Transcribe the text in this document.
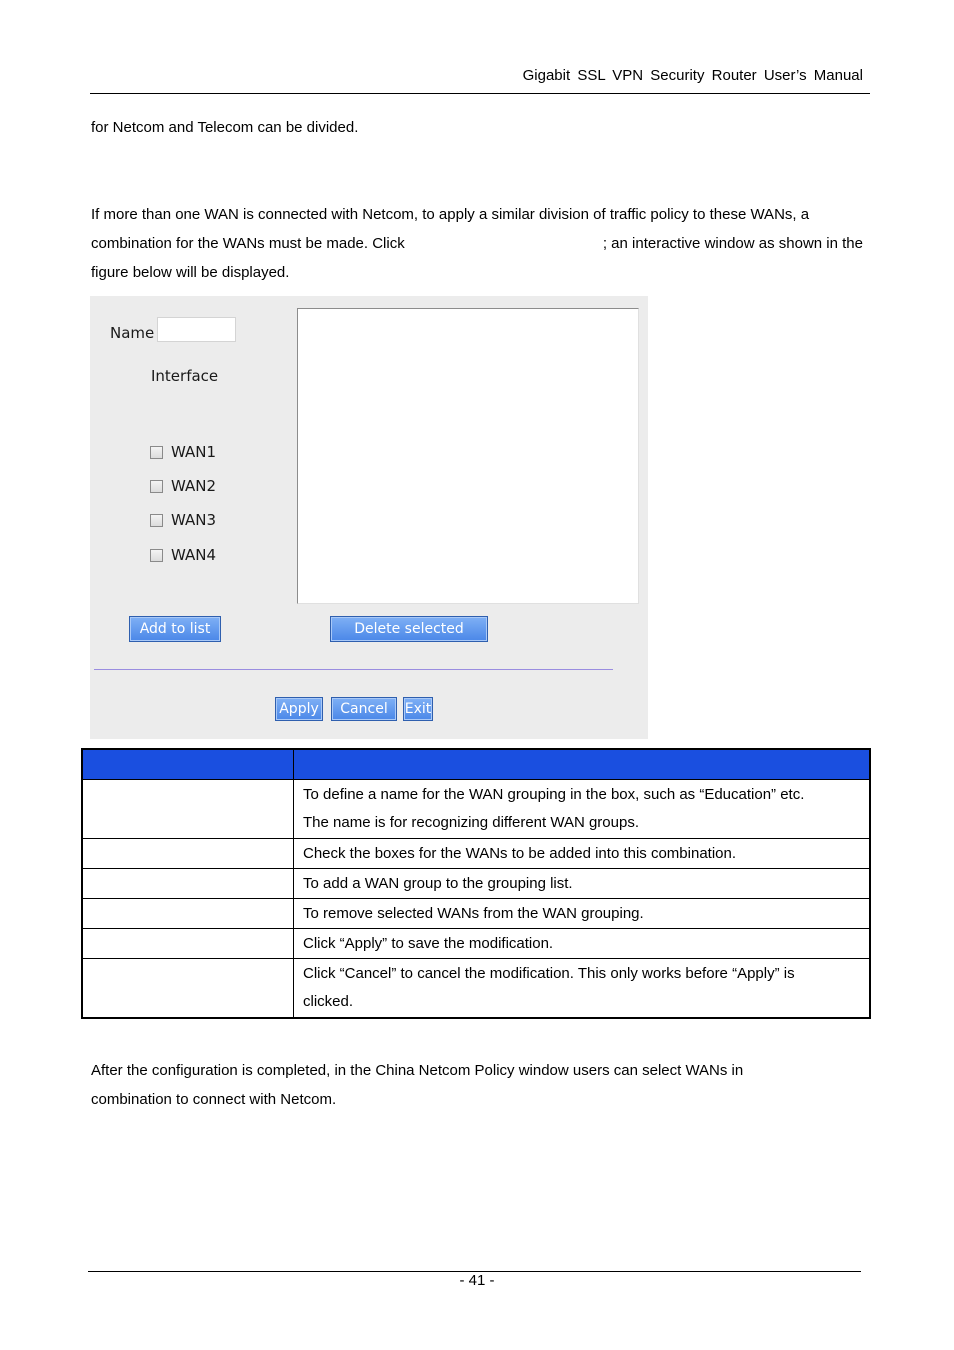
Gigabit SSL VPN Security Router User’s Manual
for Netcom and Telecom can be divided.
If more than one WAN is connected with Netcom, to apply a similar division of traffic policy to these WANs, a
combination for the WANs must be made. Click	; an interactive window as shown in the
figure below will be displayed.
Name
Interface
WAN1
WAN2
WAN3
WAN4
Add to list	Delete selected
Apply	Cancel	Exit

	To define a name for the WAN grouping in the box, such as “Education” etc.
The name is for recognizing different WAN groups.

	Check the boxes for the WANs to be added into this combination.
	To add a WAN group to the grouping list.
	To remove selected WANs from the WAN grouping.
	Click “Apply” to save the modification.

	Click “Cancel” to cancel the modification. This only works before “Apply” is
clicked.
After the configuration is completed, in the China Netcom Policy window users can select WANs in
combination to connect with Netcom.
- 41 -
